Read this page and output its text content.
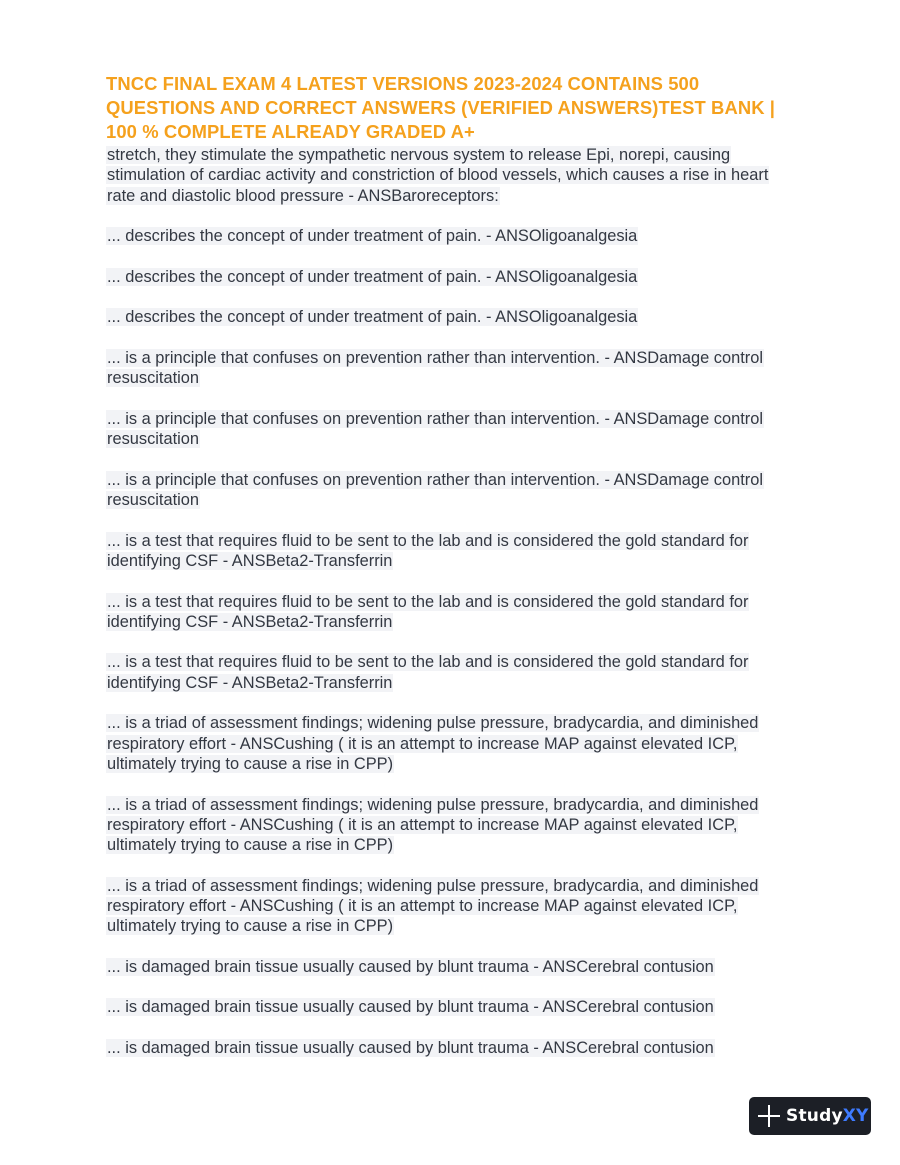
TNCC FINAL EXAM 4 LATEST VERSIONS 2023-2024 CONTAINS 500 QUESTIONS AND CORRECT ANSWERS (VERIFIED ANSWERS)TEST BANK | 100 % COMPLETE ALREADY GRADED A+

stretch, they stimulate the sympathetic nervous system to release Epi, norepi, causing stimulation of cardiac activity and constriction of blood vessels, which causes a rise in heart rate and diastolic blood pressure - ANSBaroreceptors:

... describes the concept of under treatment of pain. - ANSOligoanalgesia

... describes the concept of under treatment of pain. - ANSOligoanalgesia

... describes the concept of under treatment of pain. - ANSOligoanalgesia

... is a principle that confuses on prevention rather than intervention. - ANSDamage control resuscitation

... is a principle that confuses on prevention rather than intervention. - ANSDamage control resuscitation

... is a principle that confuses on prevention rather than intervention. - ANSDamage control resuscitation

... is a test that requires fluid to be sent to the lab and is considered the gold standard for identifying CSF - ANSBeta2-Transferrin

... is a test that requires fluid to be sent to the lab and is considered the gold standard for identifying CSF - ANSBeta2-Transferrin

... is a test that requires fluid to be sent to the lab and is considered the gold standard for identifying CSF - ANSBeta2-Transferrin

... is a triad of assessment findings; widening pulse pressure, bradycardia, and diminished respiratory effort - ANSCushing ( it is an attempt to increase MAP against elevated ICP, ultimately trying to cause a rise in CPP)

... is a triad of assessment findings; widening pulse pressure, bradycardia, and diminished respiratory effort - ANSCushing ( it is an attempt to increase MAP against elevated ICP, ultimately trying to cause a rise in CPP)

... is a triad of assessment findings; widening pulse pressure, bradycardia, and diminished respiratory effort - ANSCushing ( it is an attempt to increase MAP against elevated ICP, ultimately trying to cause a rise in CPP)

... is damaged brain tissue usually caused by blunt trauma - ANSCerebral contusion

... is damaged brain tissue usually caused by blunt trauma - ANSCerebral contusion

... is damaged brain tissue usually caused by blunt trauma - ANSCerebral contusion

StudyXY
